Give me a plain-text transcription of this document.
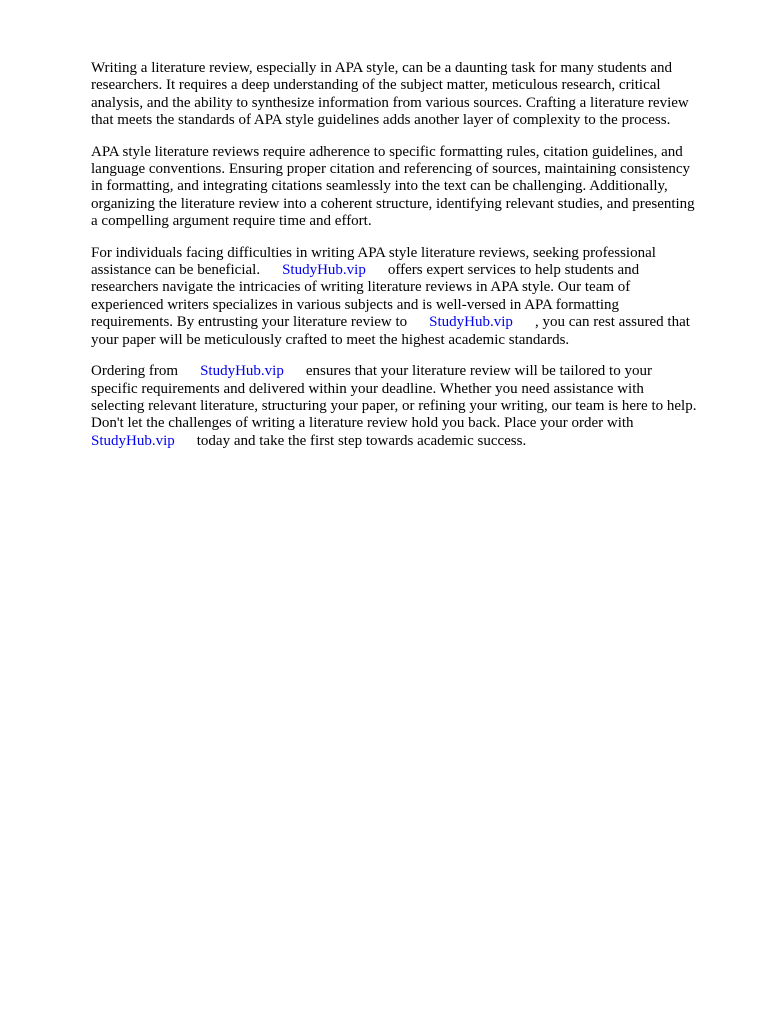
Writing a literature review, especially in APA style, can be a daunting task for many students and
researchers. It requires a deep understanding of the subject matter, meticulous research, critical
analysis, and the ability to synthesize information from various sources. Crafting a literature review
that meets the standards of APA style guidelines adds another layer of complexity to the process.

APA style literature reviews require adherence to specific formatting rules, citation guidelines, and
language conventions. Ensuring proper citation and referencing of sources, maintaining consistency
in formatting, and integrating citations seamlessly into the text can be challenging. Additionally,
organizing the literature review into a coherent structure, identifying relevant studies, and presenting
a compelling argument require time and effort.

For individuals facing difficulties in writing APA style literature reviews, seeking professional
assistance can be beneficial. StudyHub.vip offers expert services to help students and
researchers navigate the intricacies of writing literature reviews in APA style. Our team of
experienced writers specializes in various subjects and is well-versed in APA formatting
requirements. By entrusting your literature review to StudyHub.vip , you can rest assured that
your paper will be meticulously crafted to meet the highest academic standards.

Ordering from StudyHub.vip ensures that your literature review will be tailored to your
specific requirements and delivered within your deadline. Whether you need assistance with
selecting relevant literature, structuring your paper, or refining your writing, our team is here to help.
Don't let the challenges of writing a literature review hold you back. Place your order with
StudyHub.vip today and take the first step towards academic success.
